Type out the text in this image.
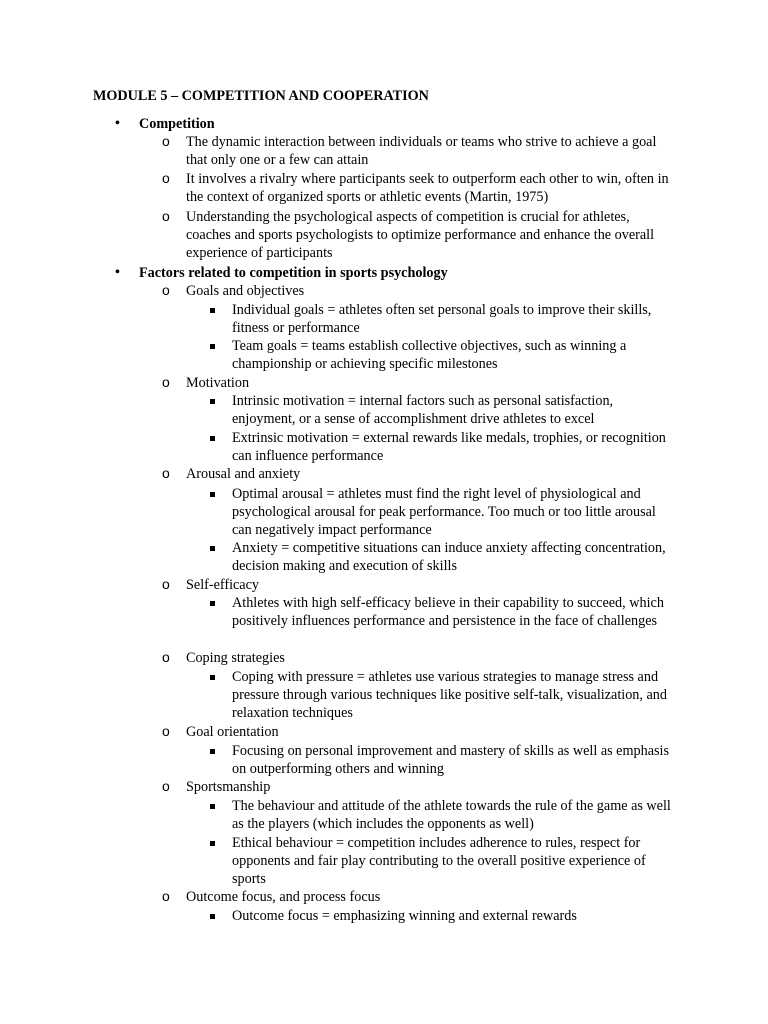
MODULE 5 – COMPETITION AND COOPERATION
• Competition
o The dynamic interaction between individuals or teams who strive to achieve a goal that only one or a few can attain
o It involves a rivalry where participants seek to outperform each other to win, often in the context of organized sports or athletic events (Martin, 1975)
o Understanding the psychological aspects of competition is crucial for athletes, coaches and sports psychologists to optimize performance and enhance the overall experience of participants
• Factors related to competition in sports psychology
o Goals and objectives
Individual goals = athletes often set personal goals to improve their skills, fitness or performance
Team goals = teams establish collective objectives, such as winning a championship or achieving specific milestones
o Motivation
Intrinsic motivation = internal factors such as personal satisfaction, enjoyment, or a sense of accomplishment drive athletes to excel
Extrinsic motivation = external rewards like medals, trophies, or recognition can influence performance
o Arousal and anxiety
Optimal arousal = athletes must find the right level of physiological and psychological arousal for peak performance. Too much or too little arousal can negatively impact performance
Anxiety = competitive situations can induce anxiety affecting concentration, decision making and execution of skills
o Self-efficacy
Athletes with high self-efficacy believe in their capability to succeed, which positively influences performance and persistence in the face of challenges
o Coping strategies
Coping with pressure = athletes use various strategies to manage stress and pressure through various techniques like positive self-talk, visualization, and relaxation techniques
o Goal orientation
Focusing on personal improvement and mastery of skills as well as emphasis on outperforming others and winning
o Sportsmanship
The behaviour and attitude of the athlete towards the rule of the game as well as the players (which includes the opponents as well)
Ethical behaviour = competition includes adherence to rules, respect for opponents and fair play contributing to the overall positive experience of sports
o Outcome focus, and process focus
Outcome focus = emphasizing winning and external rewards
